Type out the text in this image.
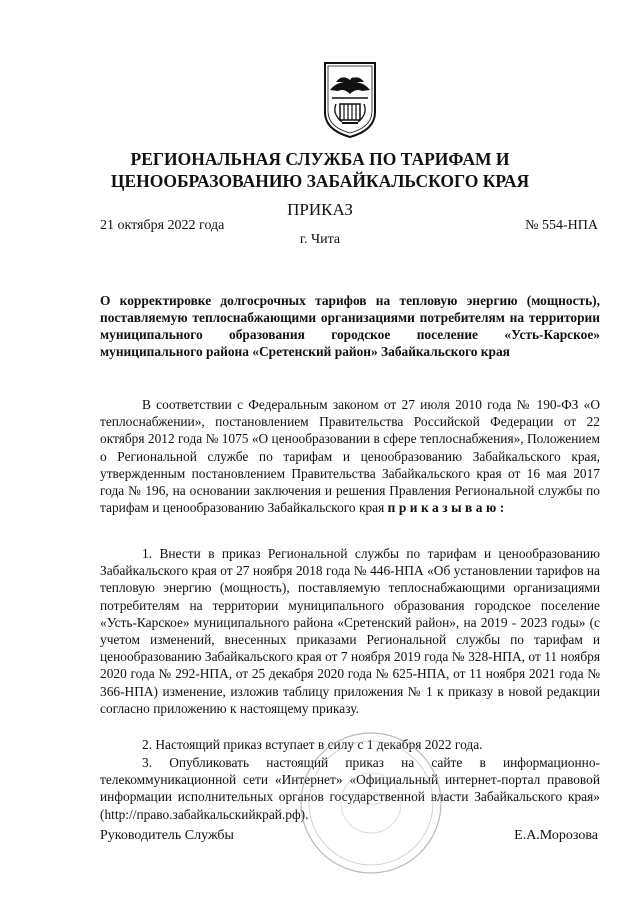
РЕГИОНАЛЬНАЯ СЛУЖБА ПО ТАРИФАМ И
ЦЕНООБРАЗОВАНИЮ ЗАБАЙКАЛЬСКОГО КРАЯ
ПРИКАЗ
21 октября 2022 года	№ 554-НПА
г. Чита
О корректировке долгосрочных тарифов на тепловую энергию (мощность), поставляемую теплоснабжающими организациями потребителям на территории муниципального образования городское поселение «Усть-Карское» муниципального района «Сретенский район» Забайкальского края
В соответствии с Федеральным законом от 27 июля 2010 года № 190-ФЗ «О теплоснабжении», постановлением Правительства Российской Федерации от 22 октября 2012 года № 1075 «О ценообразовании в сфере теплоснабжения», Положением о Региональной службе по тарифам и ценообразованию Забайкальского края, утвержденным постановлением Правительства Забайкальского края от 16 мая 2017 года № 196, на основании заключения и решения Правления Региональной службы по тарифам и ценообразованию Забайкальского края приказываю:
1. Внести в приказ Региональной службы по тарифам и ценообразованию Забайкальского края от 27 ноября 2018 года № 446-НПА «Об установлении тарифов на тепловую энергию (мощность), поставляемую теплоснабжающими организациями потребителям на территории муниципального образования городское поселение «Усть-Карское» муниципального района «Сретенский район», на 2019 - 2023 годы» (с учетом изменений, внесенных приказами Региональной службы по тарифам и ценообразованию Забайкальского края от 7 ноября 2019 года № 328-НПА, от 11 ноября 2020 года № 292-НПА, от 25 декабря 2020 года № 625-НПА, от 11 ноября 2021 года № 366-НПА) изменение, изложив таблицу приложения № 1 к приказу в новой редакции согласно приложению к настоящему приказу.
2. Настоящий приказ вступает в силу с 1 декабря 2022 года.
3. Опубликовать настоящий приказ на сайте в информационно-телекоммуникационной сети «Интернет» «Официальный интернет-портал правовой информации исполнительных органов государственной власти Забайкальского края» (http://право.забайкальскийкрай.рф).
Руководитель Службы	Е.А.Морозова
